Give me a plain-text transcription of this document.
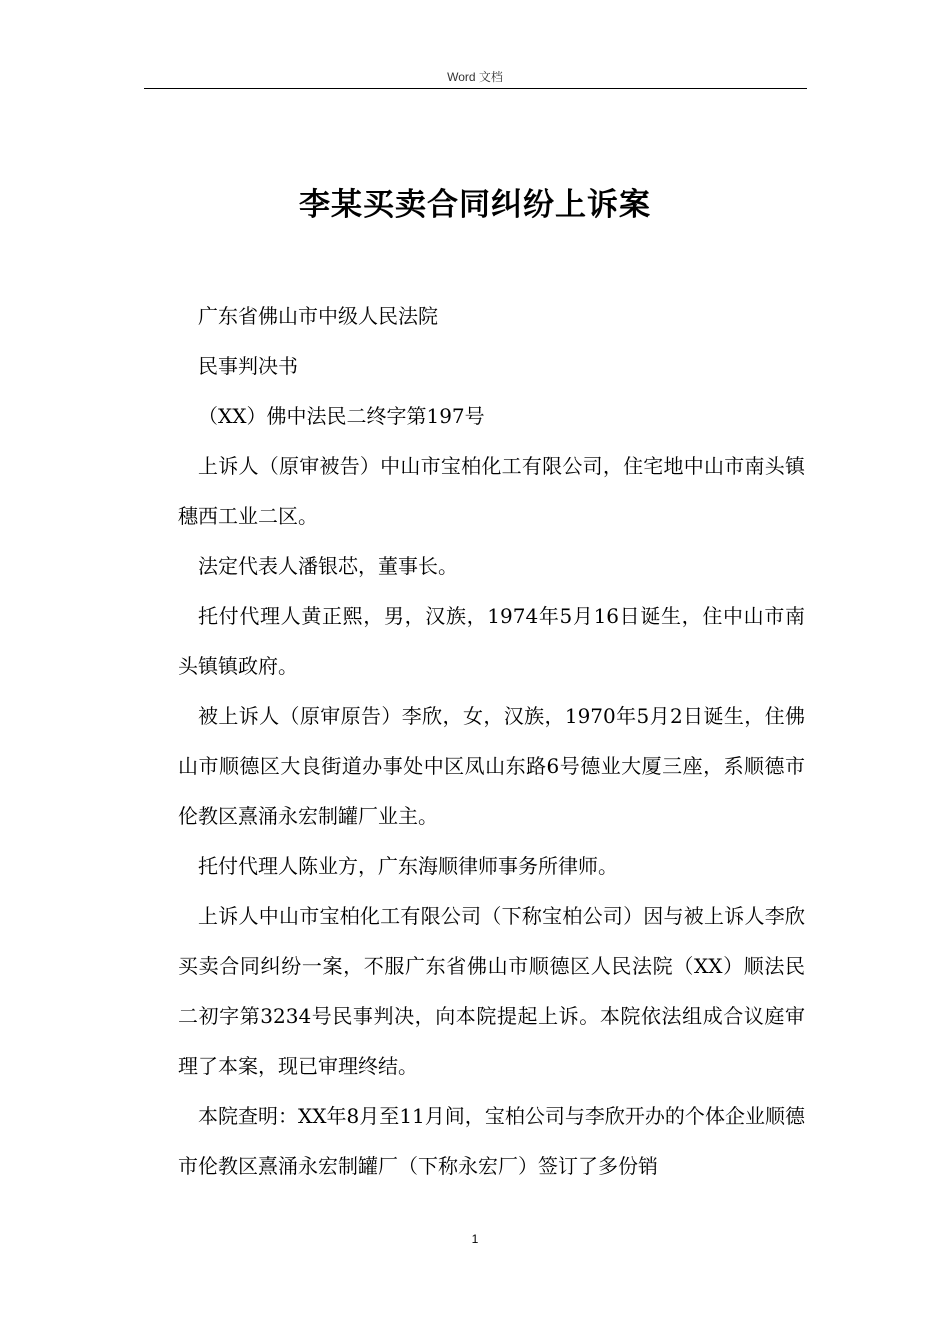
Word 文档
李某买卖合同纠纷上诉案

广东省佛山市中级人民法院

民事判决书

（XX）佛中法民二终字第197号

上诉人（原审被告）中山市宝柏化工有限公司，住宅地中山市南头镇穗西工业二区。

法定代表人潘银芯，董事长。

托付代理人黄正熙，男，汉族，1974年5月16日诞生，住中山市南头镇镇政府。

被上诉人（原审原告）李欣，女，汉族，1970年5月2日诞生，住佛山市顺德区大良街道办事处中区凤山东路6号德业大厦三座，系顺德市伦教区熹涌永宏制罐厂业主。

托付代理人陈业方，广东海顺律师事务所律师。

上诉人中山市宝柏化工有限公司（下称宝柏公司）因与被上诉人李欣买卖合同纠纷一案，不服广东省佛山市顺德区人民法院（XX）顺法民二初字第3234号民事判决，向本院提起上诉。本院依法组成合议庭审理了本案，现已审理终结。

本院查明：XX年8月至11月间，宝柏公司与李欣开办的个体企业顺德市伦教区熹涌永宏制罐厂（下称永宏厂）签订了多份销

1
